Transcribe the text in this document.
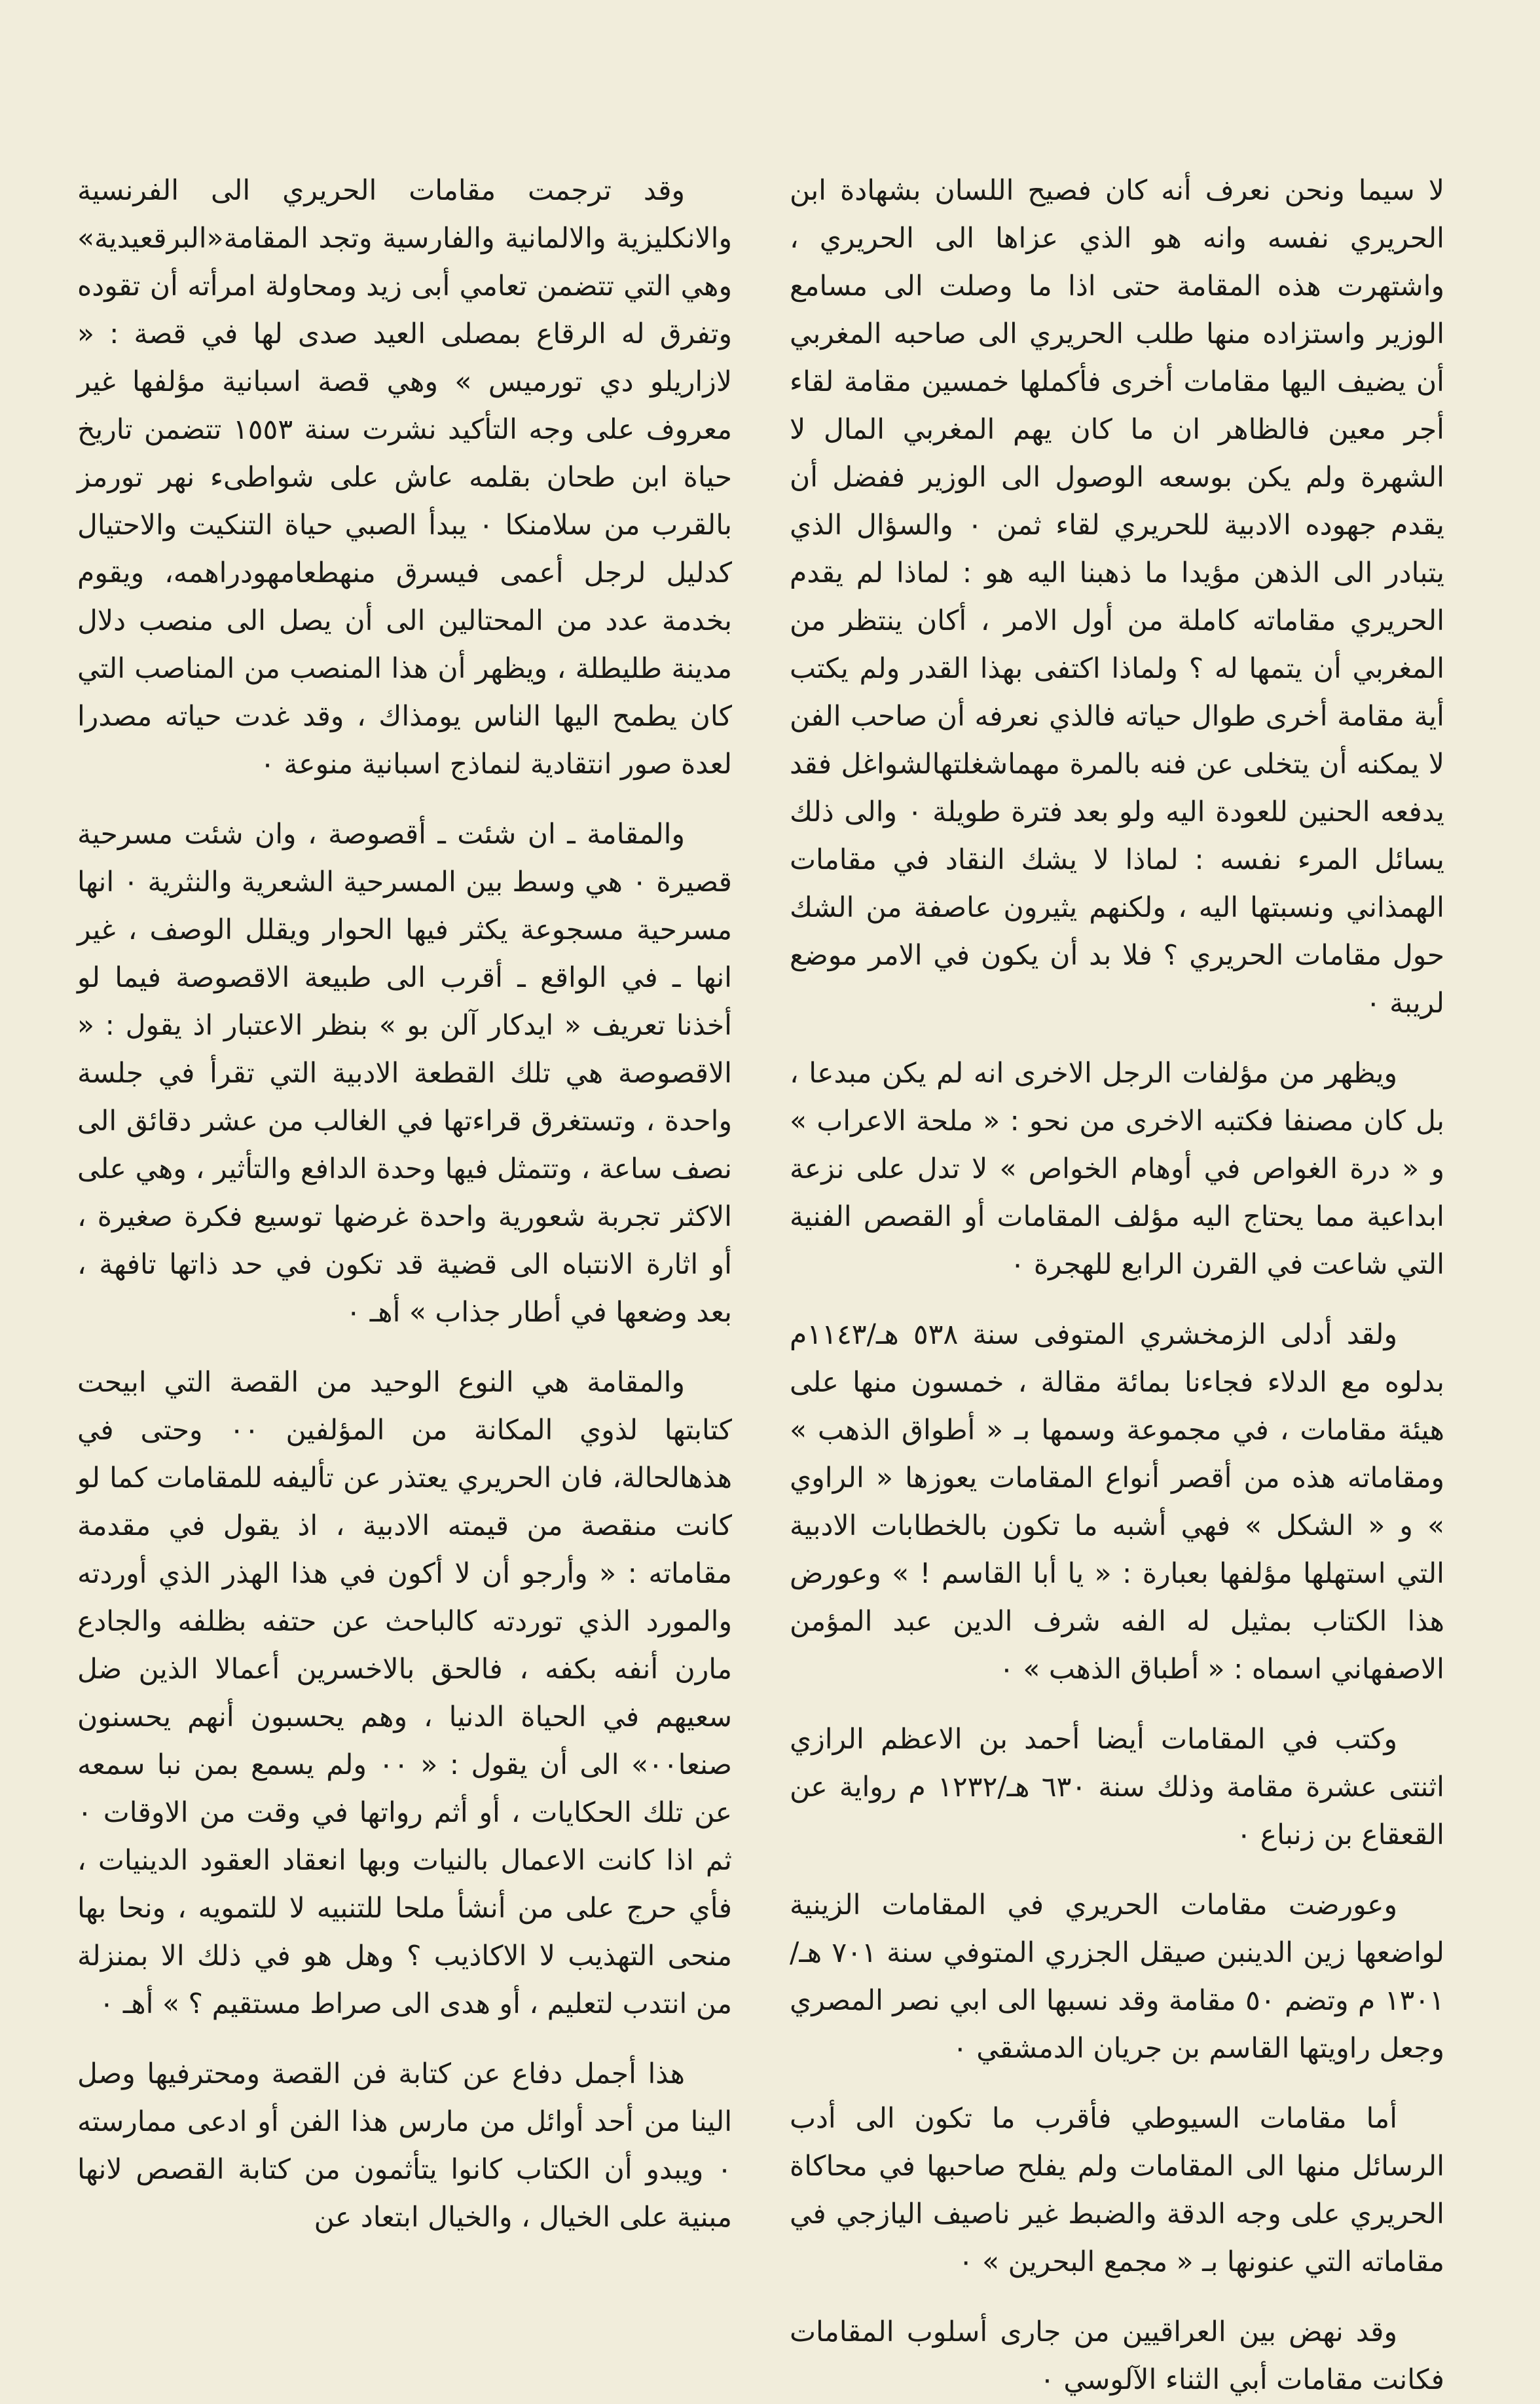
لا سيما ونحن نعرف أنه كان فصيح اللسان بشهادة ابن الحريري نفسه وانه هو الذي عزاها الى الحريري ، واشتهرت هذه المقامة حتى اذا ما وصلت الى مسامع الوزير واستزاده منها طلب الحريري الى صاحبه المغربي أن يضيف اليها مقامات أخرى فأكملها خمسين مقامة لقاء أجر معين فالظاهر ان ما كان يهم المغربي المال لا الشهرة ولم يكن بوسعه الوصول الى الوزير ففضل أن يقدم جهوده الادبية للحريري لقاء ثمن ٠ والسؤال الذي يتبادر الى الذهن مؤيدا ما ذهبنا اليه هو : لماذا لم يقدم الحريري مقاماته كاملة من أول الامر ، أكان ينتظر من المغربي أن يتمها له ؟ ولماذا اكتفى بهذا القدر ولم يكتب أية مقامة أخرى طوال حياته فالذي نعرفه أن صاحب الفن لا يمكنه أن يتخلى عن فنه بالمرة مهماشغلتهالشواغل فقد يدفعه الحنين للعودة اليه ولو بعد فترة طويلة ٠ والى ذلك يسائل المرء نفسه : لماذا لا يشك النقاد في مقامات الهمذاني ونسبتها اليه ، ولكنهم يثيرون عاصفة من الشك حول مقامات الحريري ؟ فلا بد أن يكون في الامر موضع لريبة ٠

ويظهر من مؤلفات الرجل الاخرى انه لم يكن مبدعا ، بل كان مصنفا فكتبه الاخرى من نحو : « ملحة الاعراب » و « درة الغواص في أوهام الخواص » لا تدل على نزعة ابداعية مما يحتاج اليه مؤلف المقامات أو القصص الفنية التي شاعت في القرن الرابع للهجرة ٠

ولقد أدلى الزمخشري المتوفى سنة ٥٣٨ هـ/١١٤٣م بدلوه مع الدلاء فجاءنا بمائة مقالة ، خمسون منها على هيئة مقامات ، في مجموعة وسمها بـ « أطواق الذهب » ومقاماته هذه من أقصر أنواع المقامات يعوزها « الراوي » و « الشكل » فهي أشبه ما تكون بالخطابات الادبية التي استهلها مؤلفها بعبارة : « يا أبا القاسم ! » وعورض هذا الكتاب بمثيل له الفه شرف الدين عبد المؤمن الاصفهاني اسماه : « أطباق الذهب » ٠

وكتب في المقامات أيضا أحمد بن الاعظم الرازي اثنتى عشرة مقامة وذلك سنة ٦٣٠ هـ/١٢٣٢ م رواية عن القعقاع بن زنباع ٠

وعورضت مقامات الحريري في المقامات الزينية لواضعها زين الدينبن صيقل الجزري المتوفي سنة ٧٠١ هـ/١٣٠١ م وتضم ٥٠ مقامة وقد نسبها الى ابي نصر المصري وجعل راويتها القاسم بن جريان الدمشقي ٠

أما مقامات السيوطي فأقرب ما تكون الى أدب الرسائل منها الى المقامات ولم يفلح صاحبها في محاكاة الحريري على وجه الدقة والضبط غير ناصيف اليازجي في مقاماته التي عنونها بـ « مجمع البحرين » ٠

وقد نهض بين العراقيين من جارى أسلوب المقامات فكانت مقامات أبي الثناء الآلوسي ٠

وقد ترجمت مقامات الحريري الى الفرنسية والانكليزية والالمانية والفارسية وتجد المقامة«البرقعيدية» وهي التي تتضمن تعامي أبى زيد ومحاولة امرأته أن تقوده وتفرق له الرقاع بمصلى العيد صدى لها في قصة : « لازاريلو دي تورميس » وهي قصة اسبانية مؤلفها غير معروف على وجه التأكيد نشرت سنة ١٥٥٣ تتضمن تاريخ حياة ابن طحان بقلمه عاش على شواطىء نهر تورمز بالقرب من سلامنكا ٠ يبدأ الصبي حياة التنكيت والاحتيال كدليل لرجل أعمى فيسرق منهطعامهودراهمه، ويقوم بخدمة عدد من المحتالين الى أن يصل الى منصب دلال مدينة طليطلة ، ويظهر أن هذا المنصب من المناصب التي كان يطمح اليها الناس يومذاك ، وقد غدت حياته مصدرا لعدة صور انتقادية لنماذج اسبانية منوعة ٠

والمقامة ـ ان شئت ـ أقصوصة ، وان شئت مسرحية قصيرة ٠ هي وسط بين المسرحية الشعرية والنثرية ٠ انها مسرحية مسجوعة يكثر فيها الحوار ويقلل الوصف ، غير انها ـ في الواقع ـ أقرب الى طبيعة الاقصوصة فيما لو أخذنا تعريف « ايدكار آلن بو » بنظر الاعتبار اذ يقول : « الاقصوصة هي تلك القطعة الادبية التي تقرأ في جلسة واحدة ، وتستغرق قراءتها في الغالب من عشر دقائق الى نصف ساعة ، وتتمثل فيها وحدة الدافع والتأثير ، وهي على الاكثر تجربة شعورية واحدة غرضها توسيع فكرة صغيرة ، أو اثارة الانتباه الى قضية قد تكون في حد ذاتها تافهة ، بعد وضعها في أطار جذاب » أهـ ٠

والمقامة هي النوع الوحيد من القصة التي ابيحت كتابتها لذوي المكانة من المؤلفين ٠٠ وحتى في هذهالحالة، فان الحريري يعتذر عن تأليفه للمقامات كما لو كانت منقصة من قيمته الادبية ، اذ يقول في مقدمة مقاماته : « وأرجو أن لا أكون في هذا الهذر الذي أوردته والمورد الذي توردته كالباحث عن حتفه بظلفه والجادع مارن أنفه بكفه ، فالحق بالاخسرين أعمالا الذين ضل سعيهم في الحياة الدنيا ، وهم يحسبون أنهم يحسنون صنعا٠٠» الى أن يقول : « ٠٠ ولم يسمع بمن نبا سمعه عن تلك الحكايات ، أو أثم رواتها في وقت من الاوقات ٠ ثم اذا كانت الاعمال بالنيات وبها انعقاد العقود الدينيات ، فأي حرج على من أنشأ ملحا للتنبيه لا للتمويه ، ونحا بها منحى التهذيب لا الاكاذيب ؟ وهل هو في ذلك الا بمنزلة من انتدب لتعليم ، أو هدى الى صراط مستقيم ؟ » أهـ ٠

هذا أجمل دفاع عن كتابة فن القصة ومحترفيها وصل الينا من أحد أوائل من مارس هذا الفن أو ادعى ممارسته ٠ ويبدو أن الكتاب كانوا يتأثمون من كتابة القصص لانها مبنية على الخيال ، والخيال ابتعاد عن
